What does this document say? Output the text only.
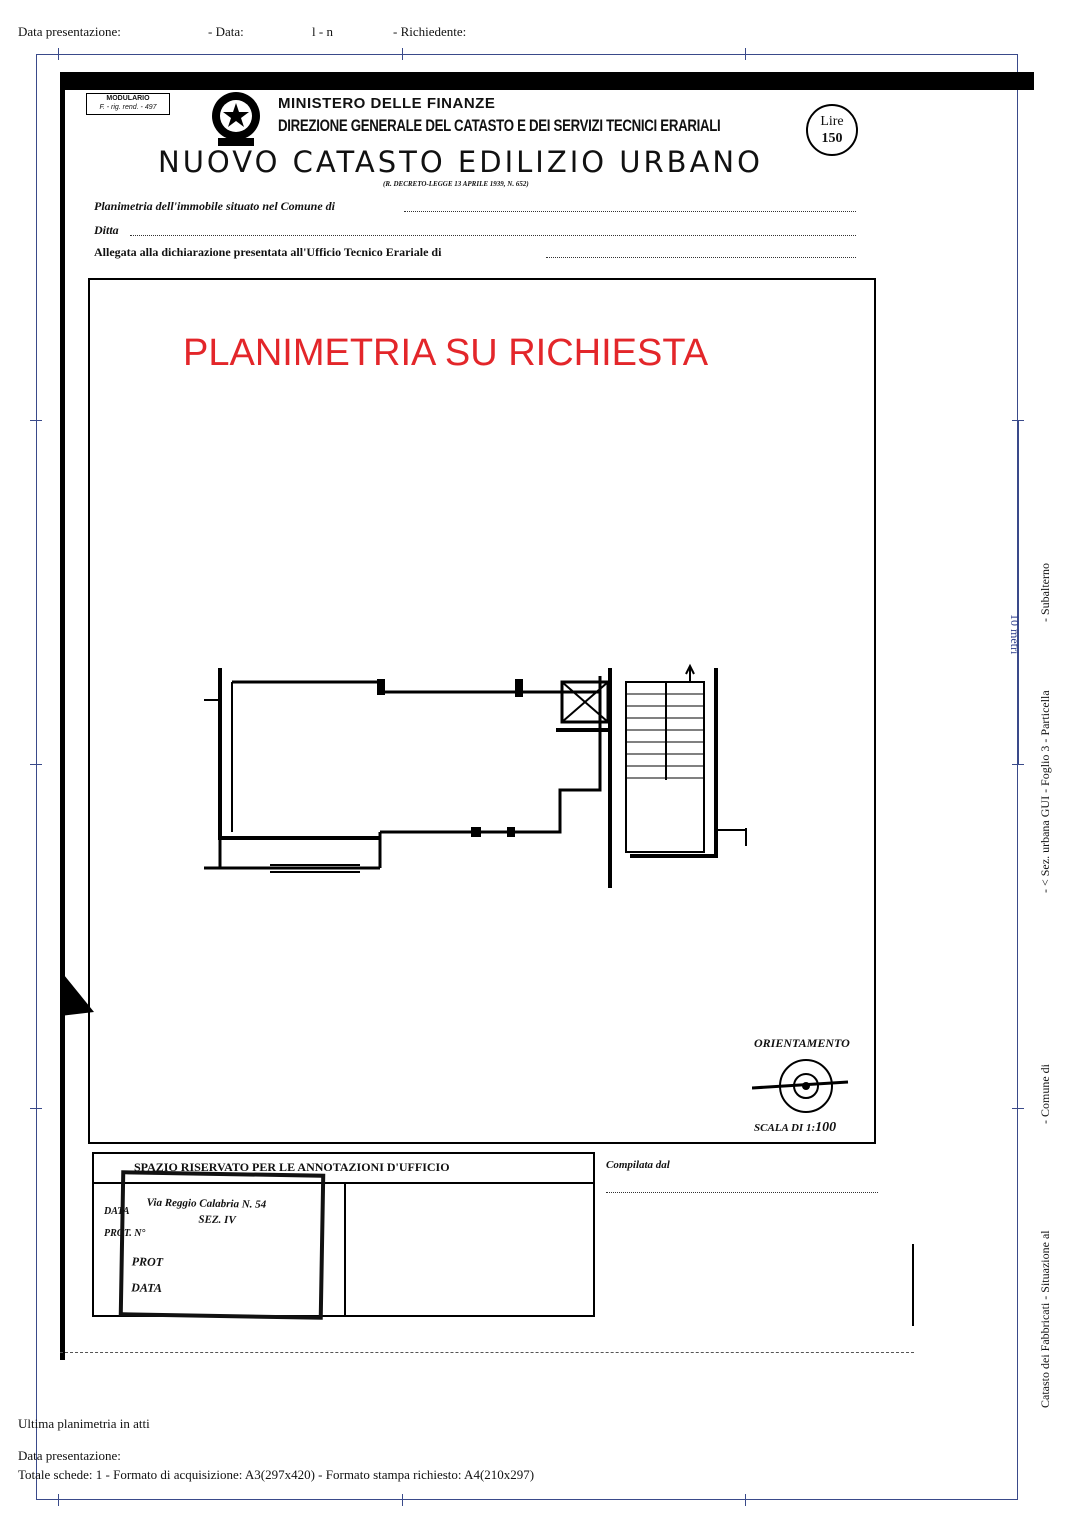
Data presentazione:	- Data:	l - n	- Richiedente:
MODULARIO
F. - rig. rend. - 497	MINISTERO DELLE FINANZE
DIREZIONE GENERALE DEL CATASTO E DEI SERVIZI TECNICI ERARIALI	Lire
150
NUOVO CATASTO EDILIZIO URBANO
(R. DECRETO-LEGGE 13 APRILE 1939, N. 652)
Planimetria dell'immobile situato nel Comune di
Ditta
Allegata alla dichiarazione presentata all'Ufficio Tecnico Erariale di
PLANIMETRIA SU RICHIESTA
ORIENTAMENTO
SCALA DI 1:100
SPAZIO RISERVATO PER LE ANNOTAZIONI D'UFFICIO	Compilata dal
DATA
PROT. N°
Via Reggio Calabria N. 54
SEZ. IV
PROT
DATA	Catasto dei Fabbricati - Situazione al
- Comune di
- < Sez. urbana GUI - Foglio 3 - Particella
- Subalterno
10 metri
Ultima planimetria in atti
Data presentazione:
Totale schede: 1 - Formato di acquisizione: A3(297x420) - Formato stampa richiesto: A4(210x297)
